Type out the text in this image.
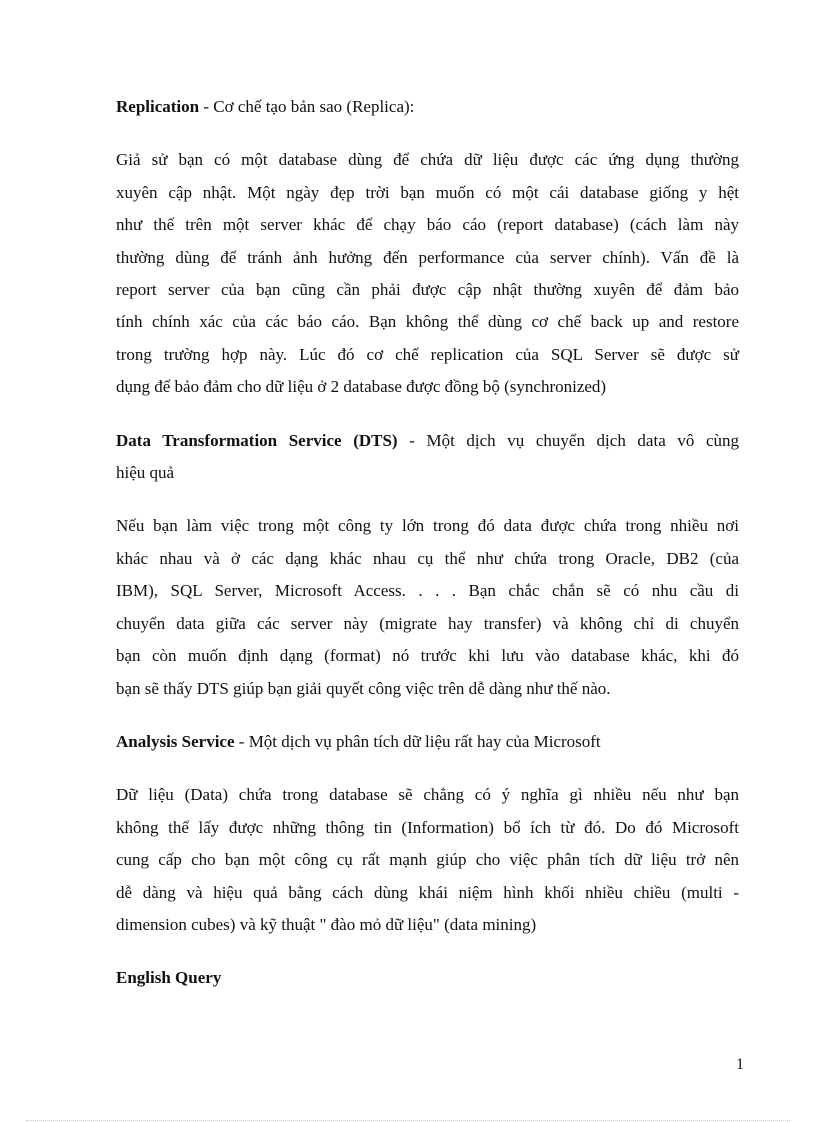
Replication - Cơ chế tạo bản sao (Replica):

Giả sử bạn có một database dùng để chứa dữ liệu được các ứng dụng thường
xuyên cập nhật. Một ngày đẹp trời bạn muốn có một cái database giống y hệt
như thế trên một server khác để chạy báo cáo (report database) (cách làm này
thường dùng để tránh ảnh hưởng đến performance của server chính). Vấn đề là
report server của bạn cũng cần phải được cập nhật thường xuyên để đảm bảo
tính chính xác của các báo cáo. Bạn không thể dùng cơ chế back up and restore
trong trường hợp này. Lúc đó cơ chế replication của SQL Server sẽ được sử
dụng để bảo đảm cho dữ liệu ở 2 database được đồng bộ (synchronized)

Data Transformation Service (DTS) - Một dịch vụ chuyển dịch data vô cùng
hiệu quả

Nếu bạn làm việc trong một công ty lớn trong đó data được chứa trong nhiều nơi
khác nhau và ở các dạng khác nhau cụ thể như chứa trong Oracle, DB2 (của
IBM), SQL Server, Microsoft Access. . . . Bạn chắc chắn sẽ có nhu cầu di
chuyển data giữa các server này (migrate hay transfer) và không chỉ di chuyển
bạn còn muốn định dạng (format) nó trước khi lưu vào database khác, khi đó
bạn sẽ thấy DTS giúp bạn giải quyết công việc trên dễ dàng như thế nào.

Analysis Service - Một dịch vụ phân tích dữ liệu rất hay của Microsoft

Dữ liệu (Data) chứa trong database sẽ chẳng có ý nghĩa gì nhiều nếu như bạn
không thể lấy được những thông tin (Information) bổ ích từ đó. Do đó Microsoft
cung cấp cho bạn một công cụ rất mạnh giúp cho việc phân tích dữ liệu trở nên
dễ dàng và hiệu quả bằng cách dùng khái niệm hình khối nhiều chiều (multi -
dimension cubes) và kỹ thuật " đào mỏ dữ liệu" (data mining)

English Query

1
